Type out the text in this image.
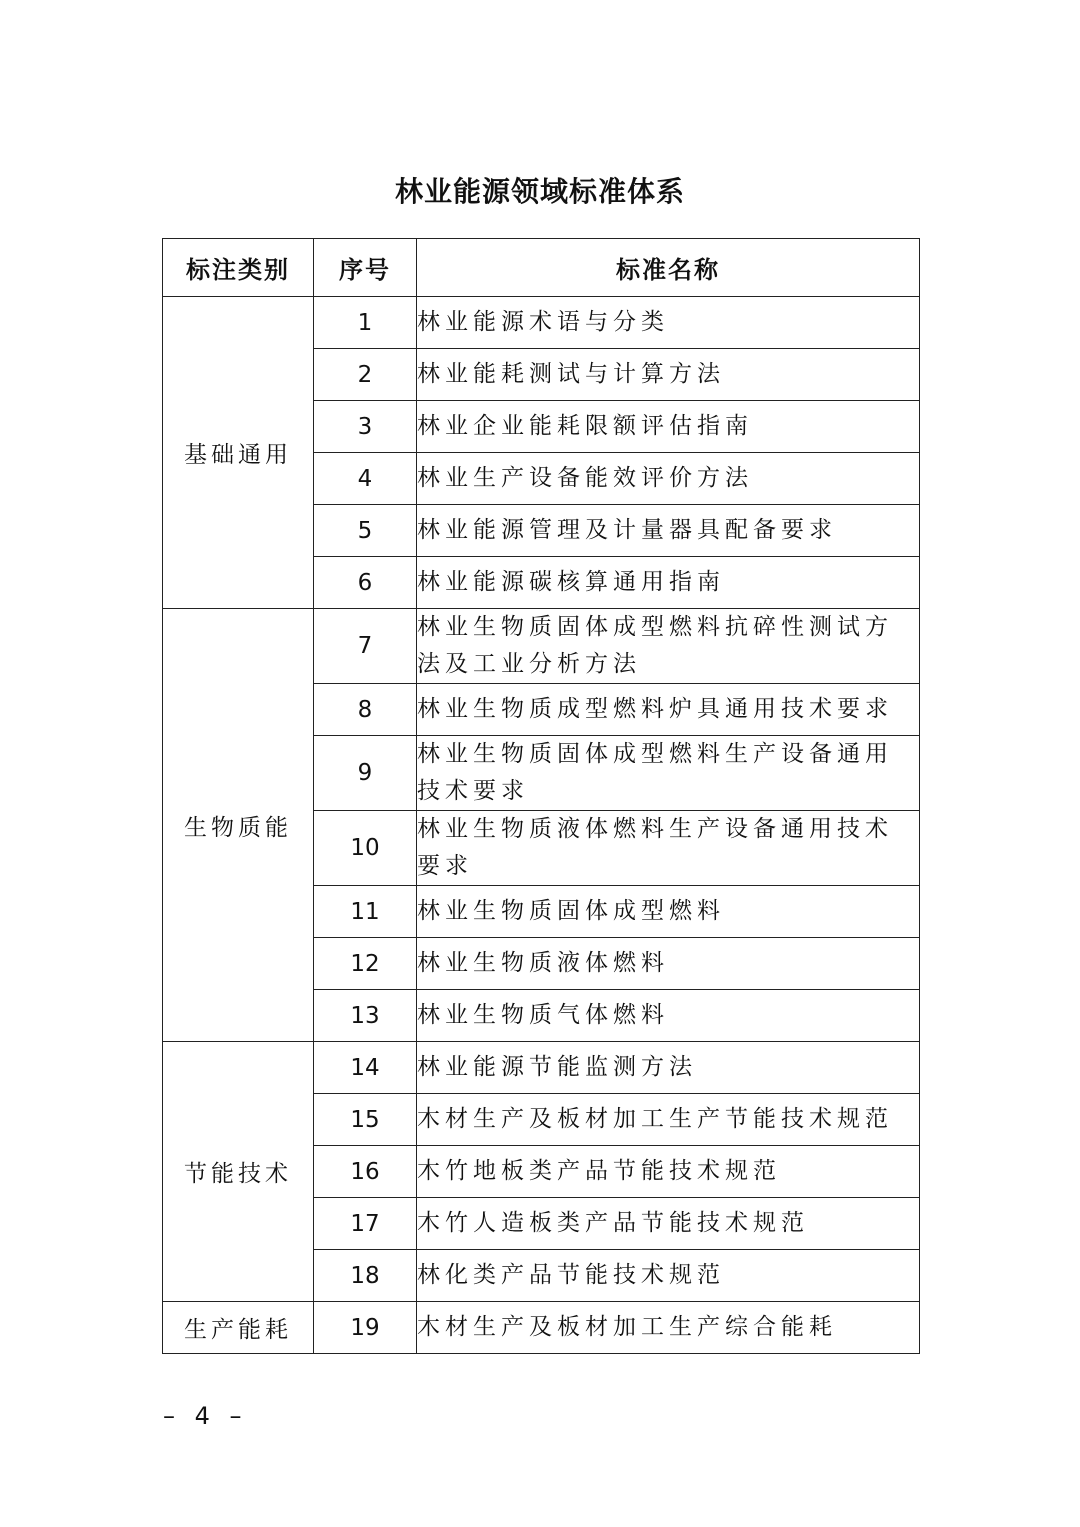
林业能源领域标准体系
标注类别	序号	标准名称
基础通用	1	林业能源术语与分类
	2	林业能耗测试与计算方法
	3	林业企业能耗限额评估指南
	4	林业生产设备能效评价方法
	5	林业能源管理及计量器具配备要求
	6	林业能源碳核算通用指南
生物质能	7	林业生物质固体成型燃料抗碎性测试方法及工业分析方法
	8	林业生物质成型燃料炉具通用技术要求
	9	林业生物质固体成型燃料生产设备通用技术要求
	10	林业生物质液体燃料生产设备通用技术要求
	11	林业生物质固体成型燃料
	12	林业生物质液体燃料
	13	林业生物质气体燃料
节能技术	14	林业能源节能监测方法
	15	木材生产及板材加工生产节能技术规范
	16	木竹地板类产品节能技术规范
	17	木竹人造板类产品节能技术规范
	18	林化类产品节能技术规范
生产能耗	19	木材生产及板材加工生产综合能耗
– 4 –
